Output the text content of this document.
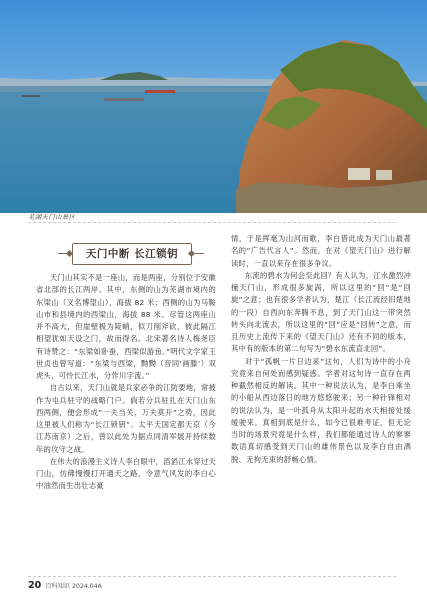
芜湖天门山景区
天门中断 长江锁钥

天门山其实不是一座山，而是两座，分别位于安徽省北部的长江两岸。其中，东侧的山为芜湖市境内的东梁山（又名博望山），海拔 82 米；西侧的山为马鞍山市和县境内的西梁山，海拔 88 米。尽管这两座山并不高大，但崖壁极为陡峭，似刀削斧砍，彼此隔江相望犹如天设之门，故而得名。北宋著名诗人梅尧臣有诗赞之：“东梁如卧蚕，西梁似游鱼。”明代文学家王世贞也曾写道：“东梁与西梁，黝黝（音同‘画滕’）双虎头，可怜长江水，分作川字流。”

自古以来，天门山就是兵家必争的江防要地，常被作为屯兵驻守的战略门户。倘若分兵驻扎在天门山东西两侧，便会形成“一夫当关，万夫莫开”之势，因此这里被人们称为“长江锁钥”。太平天国定都天京（今江苏南京）之后，曾以此处为据点同清军展开持续数年的攻守之战。

在伟大的浪漫主义诗人李白眼中，滔滔江水穿过天门山，仿佛慢慢打开通天之路，令意气风发的李白心中油然而生出壮志豪

情，于是挥毫为山河而歌，李白借此成为天门山最著名的“广告代言人”。然而，在对《望天门山》进行解读时，一直以来存在很多争议。

东流的碧水为何会至此回？有人认为，江水激烈冲撞天门山，形成很多旋涡，所以这里的“回”是“回旋”之意；也有很多学者认为，楚江（长江流经旧楚地的一段）自西向东奔腾不息，到了天门山这一带突然转头向北流去，所以这里的“回”应是“回转”之意，而且历史上流传下来的《望天门山》还有不同的版本，其中有的版本的第二句写为“碧水东流直北回”。

对于“孤帆一片日边来”这句，人们为诗中的小舟究竟来自何处而感到疑惑。学者对这句诗一直存在两种截然相反的解读。其中一种说法认为，是李白乘坐的小船从西边落日的地方悠悠驶来；另一种针锋相对的说法认为，是一叶孤舟从太阳升起的水天相接处缓缓驶来。真相到底是什么，如今已很难考证，但无论当时的场景究竟是什么样，我们都能通过诗人的寥寥数语真切感受到天门山的雄伟景色以及李白自由洒脱、无拘无束的舒畅心情。

20 百科知识 2024.04A
